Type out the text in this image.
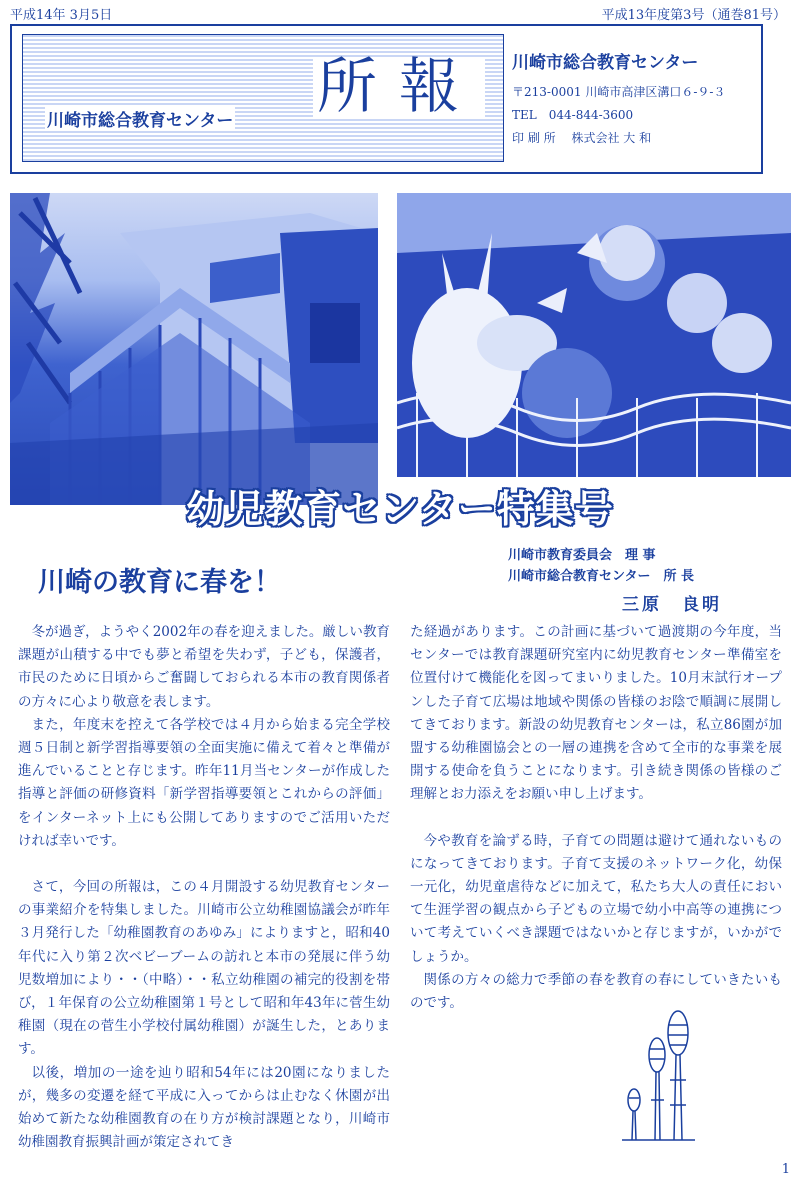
平成14年 3月5日	平成13年度第3号（通巻81号）
川崎市総合教育センター 所報 川崎市総合教育センター
〒213-0001 川崎市高津区溝口６-９-３
TEL　044-844-3600
印 刷 所　 株式会社 大 和
幼児教育センター特集号
川崎の教育に春を！
川崎市教育委員会　理 事
川崎市総合教育センター　所 長
三原　良明

冬が過ぎ，ようやく2002年の春を迎えました。厳しい教育課題が山積する中でも夢と希望を失わず，子ども，保護者，市民のために日頃からご奮闘しておられる本市の教育関係者の方々に心より敬意を表します。

また，年度末を控えて各学校では４月から始まる完全学校週５日制と新学習指導要領の全面実施に備えて着々と準備が進んでいることと存じます。昨年11月当センターが作成した指導と評価の研修資料「新学習指導要領とこれからの評価」をインターネット上にも公開してありますのでご活用いただければ幸いです。

さて，今回の所報は，この４月開設する幼児教育センターの事業紹介を特集しました。川崎市公立幼稚園協議会が昨年３月発行した「幼稚園教育のあゆみ」によりますと，昭和40年代に入り第２次ベビーブームの訪れと本市の発展に伴う幼児数増加により・・（中略）・・私立幼稚園の補完的役割を帯び，１年保育の公立幼稚園第１号として昭和年43年に菅生幼稚園（現在の菅生小学校付属幼稚園）が誕生した，とあります。

以後，増加の一途を辿り昭和54年には20園になりましたが，幾多の変遷を経て平成に入ってからは止むなく休園が出始めて新たな幼稚園教育の在り方が検討課題となり，川崎市幼稚園教育振興計画が策定されてき

た経過があります。この計画に基づいて過渡期の今年度，当センターでは教育課題研究室内に幼児教育センター準備室を位置付けて機能化を図ってまいりました。10月末試行オープンした子育て広場は地域や関係の皆様のお陰で順調に展開してきております。新設の幼児教育センターは，私立86園が加盟する幼稚園協会との一層の連携を含めて全市的な事業を展開する使命を負うことになります。引き続き関係の皆様のご理解とお力添えをお願い申し上げます。

今や教育を論ずる時，子育ての問題は避けて通れないものになってきております。子育て支援のネットワーク化，幼保一元化，幼児童虐待などに加えて，私たち大人の責任において生涯学習の観点から子どもの立場で幼小中高等の連携について考えていくべき課題ではないかと存じますが，いかがでしょうか。

関係の方々の総力で季節の春を教育の春にしていきたいものです。

1
